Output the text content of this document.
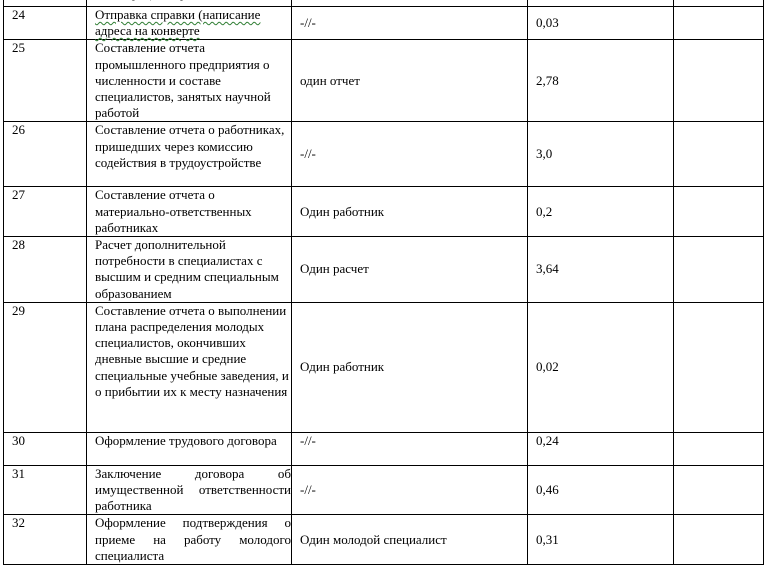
24	Отправка справки (написание адреса на конверте	-//-	0,03	
25	Составление отчета промышленного предприятия о численности и составе специалистов, занятых научной работой	один отчет	2,78	
26	Составление отчета о работниках, пришедших через комиссию содействия в трудоустройстве	-//-	3,0	
27	Составление отчета о материально-ответственных работниках	Один работник	0,2	
28	Расчет дополнительной потребности в специалистах с высшим и средним специальным образованием	Один расчет	3,64	
29	Составление отчета о выполнении плана распределения молодых специалистов, окончивших дневные высшие и средние специальные учебные заведения, и о прибытии их к месту назначения	Один работник	0,02	
30	Оформление трудового договора	-//-	0,24	
31	Заключение договора об имущественной ответственности работника	-//-	0,46	
32	Оформление подтверждения о приеме на работу молодого специалиста	Один молодой специалист	0,31	
